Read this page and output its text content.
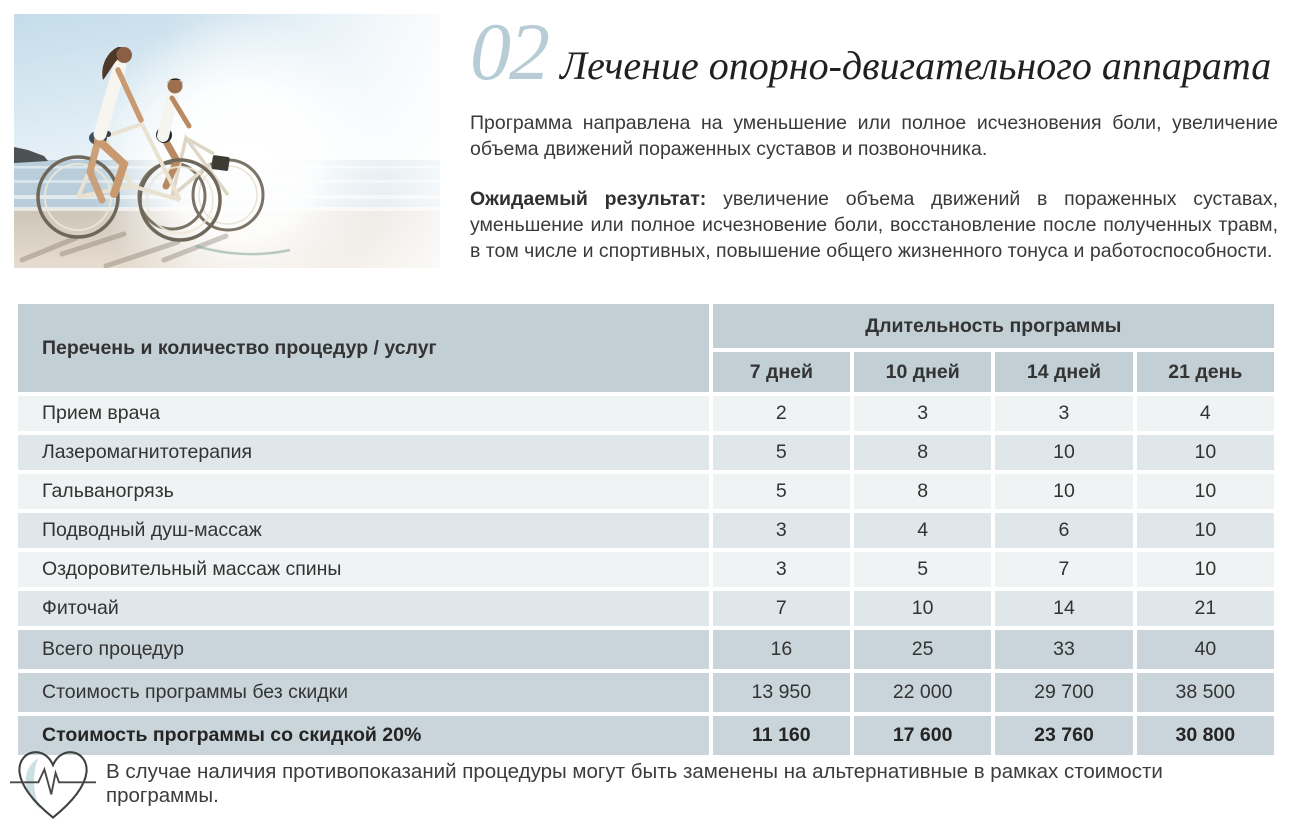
02 Лечение опорно-двигательного аппарата

Программа направлена на уменьшение или полное исчезновения боли, увеличение объема движений пораженных суставов и позвоночника.

Ожидаемый результат: увеличение объема движений в пораженных суставах, уменьшение или полное исчезновение боли, восстановление после полученных травм, в том числе и спортивных, повышение общего жизненного тонуса и работоспособности.

Перечень и количество процедур / услуг	Длительность программы			
	7 дней	10 дней	14 дней	21 день
Прием врача	2	3	3	4
Лазеромагнитотерапия	5	8	10	10
Гальваногрязь	5	8	10	10
Подводный душ-массаж	3	4	6	10
Оздоровительный массаж спины	3	5	7	10
Фиточай	7	10	14	21
Всего процедур	16	25	33	40
Стоимость программы без скидки	13 950	22 000	29 700	38 500
Стоимость программы со скидкой 20%	11 160	17 600	23 760	30 800
В случае наличия противопоказаний процедуры могут быть заменены на альтернативные в рамках стоимости программы.
